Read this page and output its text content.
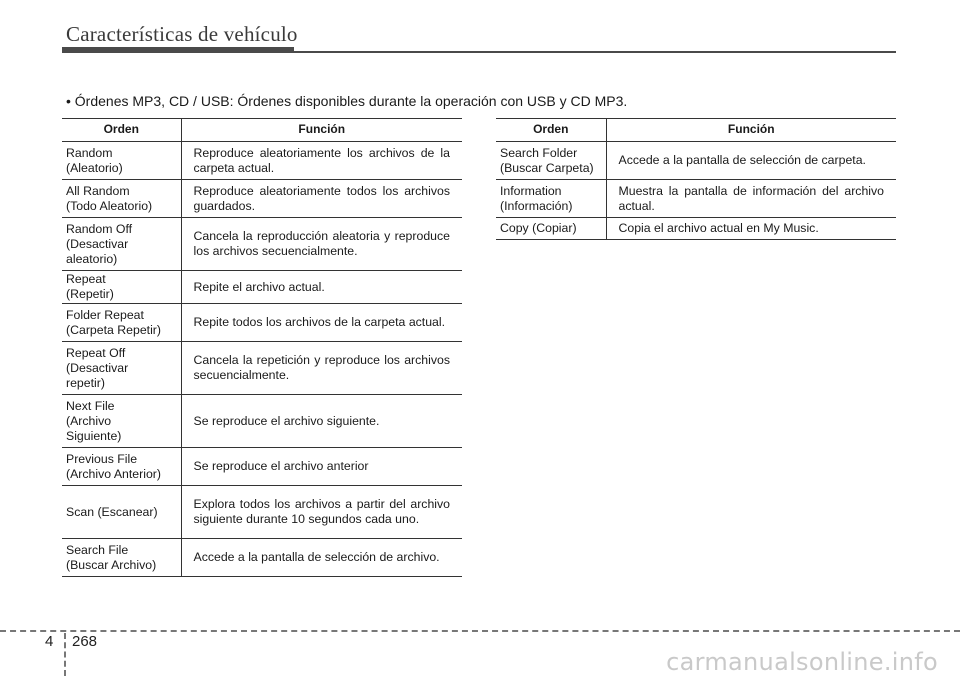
Características de vehículo
• Órdenes MP3, CD / USB: Órdenes disponibles durante la operación con USB y CD MP3.
Orden	Función

Random
(Aleatorio)	Reproduce aleatoriamente los archivos de la carpeta actual.

All Random
(Todo Aleatorio)	Reproduce aleatoriamente todos los archivos guardados.

Random Off
(Desactivar
aleatorio)	Cancela la reproducción aleatoria y reproduce los archivos secuencialmente.

Repeat
(Repetir)	Repite el archivo actual.

Folder Repeat
(Carpeta Repetir)	Repite todos los archivos de la carpeta actual.

Repeat Off
(Desactivar
repetir)	Cancela la repetición y reproduce los archivos secuencialmente.

Next File
(Archivo
Siguiente)	Se reproduce el archivo siguiente.

Previous File
(Archivo Anterior)	Se reproduce el archivo anterior

Scan (Escanear)	Explora todos los archivos a partir del archivo siguiente durante 10 segundos cada uno.

Search File
(Buscar Archivo)	Accede a la pantalla de selección de archivo.
Orden	Función

Search Folder
(Buscar Carpeta)	Accede a la pantalla de selección de carpeta.

Information
(Información)	Muestra la pantalla de información del archivo actual.

Copy (Copiar)	Copia el archivo actual en My Music.
4 268
carmanualsonline.info
